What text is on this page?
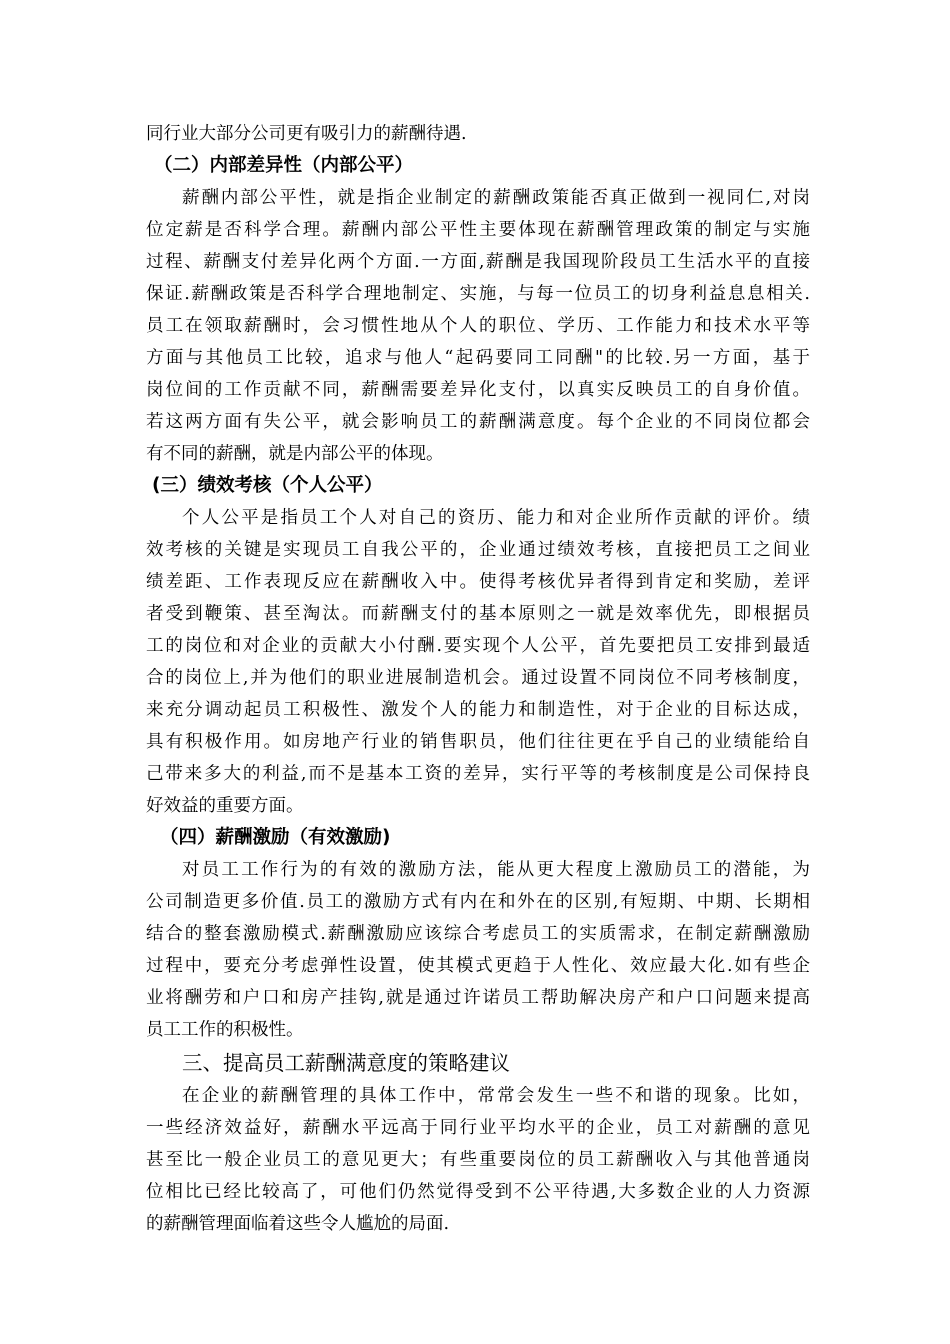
同行业大部分公司更有吸引力的薪酬待遇.
（二）内部差异性（内部公平）
薪酬内部公平性，就是指企业制定的薪酬政策能否真正做到一视同仁,对岗
位定薪是否科学合理。薪酬内部公平性主要体现在薪酬管理政策的制定与实施
过程、薪酬支付差异化两个方面.一方面,薪酬是我国现阶段员工生活水平的直接
保证.薪酬政策是否科学合理地制定、实施，与每一位员工的切身利益息息相关.
员工在领取薪酬时，会习惯性地从个人的职位、学历、工作能力和技术水平等
方面与其他员工比较，追求与他人“起码要同工同酬"的比较.另一方面，基于
岗位间的工作贡献不同，薪酬需要差异化支付，以真实反映员工的自身价值。
若这两方面有失公平，就会影响员工的薪酬满意度。每个企业的不同岗位都会
有不同的薪酬，就是内部公平的体现。
(三）绩效考核（个人公平）
个人公平是指员工个人对自己的资历、能力和对企业所作贡献的评价。绩
效考核的关键是实现员工自我公平的，企业通过绩效考核，直接把员工之间业
绩差距、工作表现反应在薪酬收入中。使得考核优异者得到肯定和奖励，差评
者受到鞭策、甚至淘汰。而薪酬支付的基本原则之一就是效率优先，即根据员
工的岗位和对企业的贡献大小付酬.要实现个人公平，首先要把员工安排到最适
合的岗位上,并为他们的职业进展制造机会。通过设置不同岗位不同考核制度，
来充分调动起员工积极性、激发个人的能力和制造性，对于企业的目标达成，
具有积极作用。如房地产行业的销售职员，他们往往更在乎自己的业绩能给自
己带来多大的利益,而不是基本工资的差异，实行平等的考核制度是公司保持良
好效益的重要方面。
（四）薪酬激励（有效激励)
对员工工作行为的有效的激励方法，能从更大程度上激励员工的潜能，为
公司制造更多价值.员工的激励方式有内在和外在的区别,有短期、中期、长期相
结合的整套激励模式.薪酬激励应该综合考虑员工的实质需求，在制定薪酬激励
过程中，要充分考虑弹性设置，使其模式更趋于人性化、效应最大化.如有些企
业将酬劳和户口和房产挂钩,就是通过许诺员工帮助解决房产和户口问题来提高
员工工作的积极性。
三、提高员工薪酬满意度的策略建议
在企业的薪酬管理的具体工作中，常常会发生一些不和谐的现象。比如，
一些经济效益好，薪酬水平远高于同行业平均水平的企业，员工对薪酬的意见
甚至比一般企业员工的意见更大；有些重要岗位的员工薪酬收入与其他普通岗
位相比已经比较高了，可他们仍然觉得受到不公平待遇,大多数企业的人力资源
的薪酬管理面临着这些令人尴尬的局面.
